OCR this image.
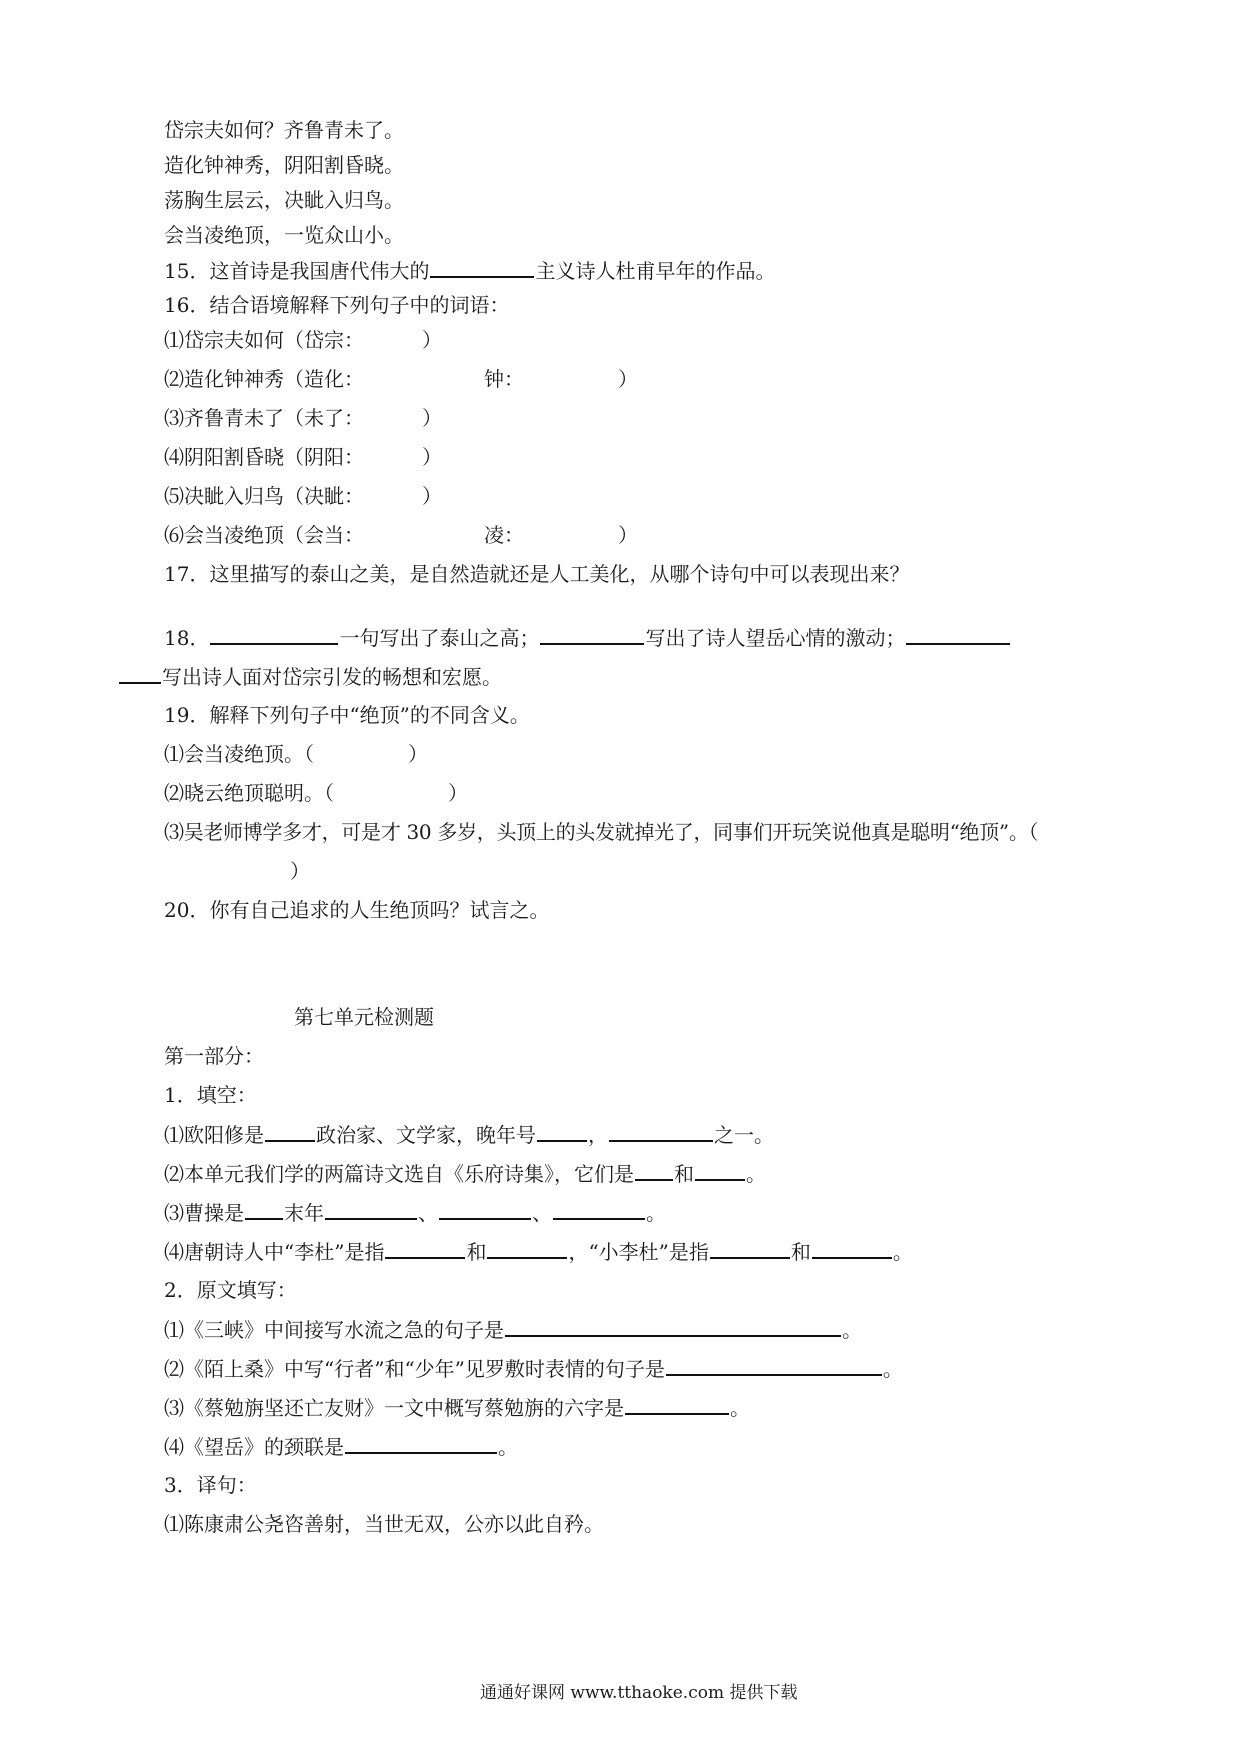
岱宗夫如何？齐鲁青未了。
造化钟神秀，阴阳割昏晓。
荡胸生层云，决眦入归鸟。
会当凌绝顶，一览众山小。
15．这首诗是我国唐代伟大的	主义诗人杜甫早年的作品。
16．结合语境解释下列句子中的词语：
⑴岱宗夫如何（岱宗：	）
⑵造化钟神秀（造化：	钟：	）
⑶齐鲁青未了（未了：	）
⑷阴阳割昏晓（阴阳：	）
⑸决眦入归鸟（决眦：	）
⑹会当凌绝顶（会当：	凌：	）
17．这里描写的泰山之美，是自然造就还是人工美化，从哪个诗句中可以表现出来？
18．	一句写出了泰山之高；	写出了诗人望岳心情的激动；
写出诗人面对岱宗引发的畅想和宏愿。
19．解释下列句子中“绝顶”的不同含义。
⑴会当凌绝顶。（	）
⑵晓云绝顶聪明。（	）
⑶吴老师博学多才，可是才 30 多岁，头顶上的头发就掉光了，同事们开玩笑说他真是聪明“绝顶”。（
）
20．你有自己追求的人生绝顶吗？试言之。
第七单元检测题
第一部分：
1．填空：
⑴欧阳修是	政治家、文学家，晚年号	，	之一。
⑵本单元我们学的两篇诗文选自《乐府诗集》，它们是 和	。
⑶曹操是 末年	、	、	。
⑷唐朝诗人中“李杜”是指	和	，“小李杜”是指	和	。
2．原文填写：
⑴《三峡》中间接写水流之急的句子是	。
⑵《陌上桑》中写“行者”和“少年”见罗敷时表情的句子是	。
⑶《蔡勉旃坚还亡友财》一文中概写蔡勉旃的六字是	。
⑷《望岳》的颈联是	。
3．译句：
⑴陈康肃公尧咨善射，当世无双，公亦以此自矜。
通通好课网 www.tthaoke.com 提供下载
